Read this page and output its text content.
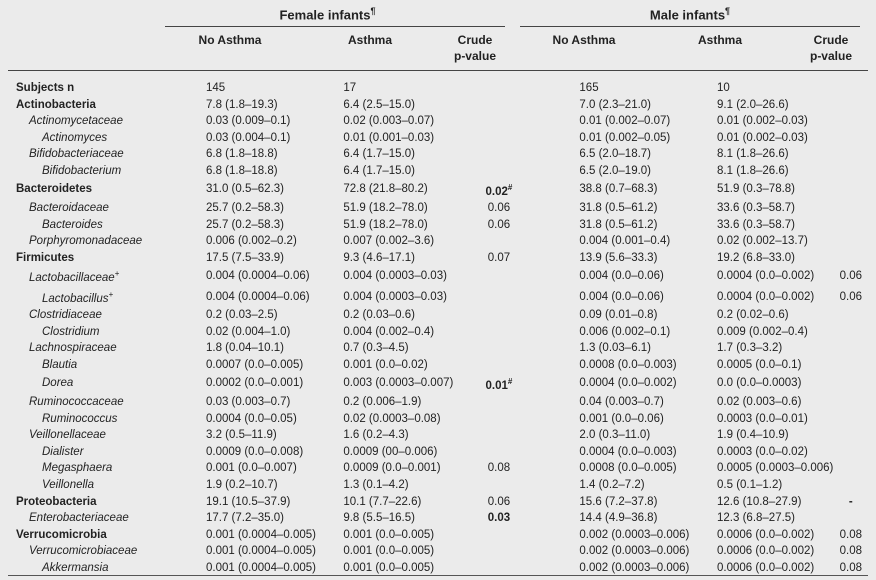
Female infants¶	Male infants¶
No Asthma	Asthma	Crude
p-value
No Asthma	Asthma	Crude
p-value
Subjects n	145	17		165	10	
Actinobacteria	7.8 (1.8–19.3)	6.4 (2.5–15.0)		7.0 (2.3–21.0)	9.1 (2.0–26.6)	
Actinomycetaceae	0.03 (0.009–0.1)	0.02 (0.003–0.07)		0.01 (0.002–0.07)	0.01 (0.002–0.03)	
Actinomyces	0.03 (0.004–0.1)	0.01 (0.001–0.03)		0.01 (0.002–0.05)	0.01 (0.002–0.03)	
Bifidobacteriaceae	6.8 (1.8–18.8)	6.4 (1.7–15.0)		6.5 (2.0–18.7)	8.1 (1.8–26.6)	
Bifidobacterium	6.8 (1.8–18.8)	6.4 (1.7–15.0)		6.5 (2.0–19.0)	8.1 (1.8–26.6)	
Bacteroidetes	31.0 (0.5–62.3)	72.8 (21.8–80.2)	0.02#	38.8 (0.7–68.3)	51.9 (0.3–78.8)	
Bacteroidaceae	25.7 (0.2–58.3)	51.9 (18.2–78.0)	0.06	31.8 (0.5–61.2)	33.6 (0.3–58.7)	
Bacteroides	25.7 (0.2–58.3)	51.9 (18.2–78.0)	0.06	31.8 (0.5–61.2)	33.6 (0.3–58.7)	
Porphyromonadaceae	0.006 (0.002–0.2)	0.007 (0.002–3.6)		0.004 (0.001–0.4)	0.02 (0.002–13.7)	
Firmicutes	17.5 (7.5–33.9)	9.3 (4.6–17.1)	0.07	13.9 (5.6–33.3)	19.2 (6.8–33.0)	
Lactobacillaceae+	0.004 (0.0004–0.06)	0.004 (0.0003–0.03)		0.004 (0.0–0.06)	0.0004 (0.0–0.002)	0.06
Lactobacillus+	0.004 (0.0004–0.06)	0.004 (0.0003–0.03)		0.004 (0.0–0.06)	0.0004 (0.0–0.002)	0.06
Clostridiaceae	0.2 (0.03–2.5)	0.2 (0.03–0.6)		0.09 (0.01–0.8)	0.2 (0.02–0.6)	
Clostridium	0.02 (0.004–1.0)	0.004 (0.002–0.4)		0.006 (0.002–0.1)	0.009 (0.002–0.4)	
Lachnospiraceae	1.8 (0.04–10.1)	0.7 (0.3–4.5)		1.3 (0.03–6.1)	1.7 (0.3–3.2)	
Blautia	0.0007 (0.0–0.005)	0.001 (0.0–0.02)		0.0008 (0.0–0.003)	0.0005 (0.0–0.1)	
Dorea	0.0002 (0.0–0.001)	0.003 (0.0003–0.007)	0.01#	0.0004 (0.0–0.002)	0.0 (0.0–0.0003)	
Ruminococcaceae	0.03 (0.003–0.7)	0.2 (0.006–1.9)		0.04 (0.003–0.7)	0.02 (0.003–0.6)	
Ruminococcus	0.0004 (0.0–0.05)	0.02 (0.0003–0.08)		0.001 (0.0–0.06)	0.0003 (0.0–0.01)	
Veillonellaceae	3.2 (0.5–11.9)	1.6 (0.2–4.3)		2.0 (0.3–11.0)	1.9 (0.4–10.9)	
Dialister	0.0009 (0.0–0.008)	0.0009 (00–0.006)		0.0004 (0.0–0.003)	0.0003 (0.0–0.02)	
Megasphaera	0.001 (0.0–0.007)	0.0009 (0.0–0.001)	0.08	0.0008 (0.0–0.005)	0.0005 (0.0003–0.006)	
Veillonella	1.9 (0.2–10.7)	1.3 (0.1–4.2)		1.4 (0.2–7.2)	0.5 (0.1–1.2)	
Proteobacteria	19.1 (10.5–37.9)	10.1 (7.7–22.6)	0.06	15.6 (7.2–37.8)	12.6 (10.8–27.9)	-
Enterobacteriaceae	17.7 (7.2–35.0)	9.8 (5.5–16.5)	0.03	14.4 (4.9–36.8)	12.3 (6.8–27.5)	
Verrucomicrobia	0.001 (0.0004–0.005)	0.001 (0.0–0.005)		0.002 (0.0003–0.006)	0.0006 (0.0–0.002)	0.08
Verrucomicrobiaceae	0.001 (0.0004–0.005)	0.001 (0.0–0.005)		0.002 (0.0003–0.006)	0.0006 (0.0–0.002)	0.08
Akkermansia	0.001 (0.0004–0.005)	0.001 (0.0–0.005)		0.002 (0.0003–0.006)	0.0006 (0.0–0.002)	0.08
